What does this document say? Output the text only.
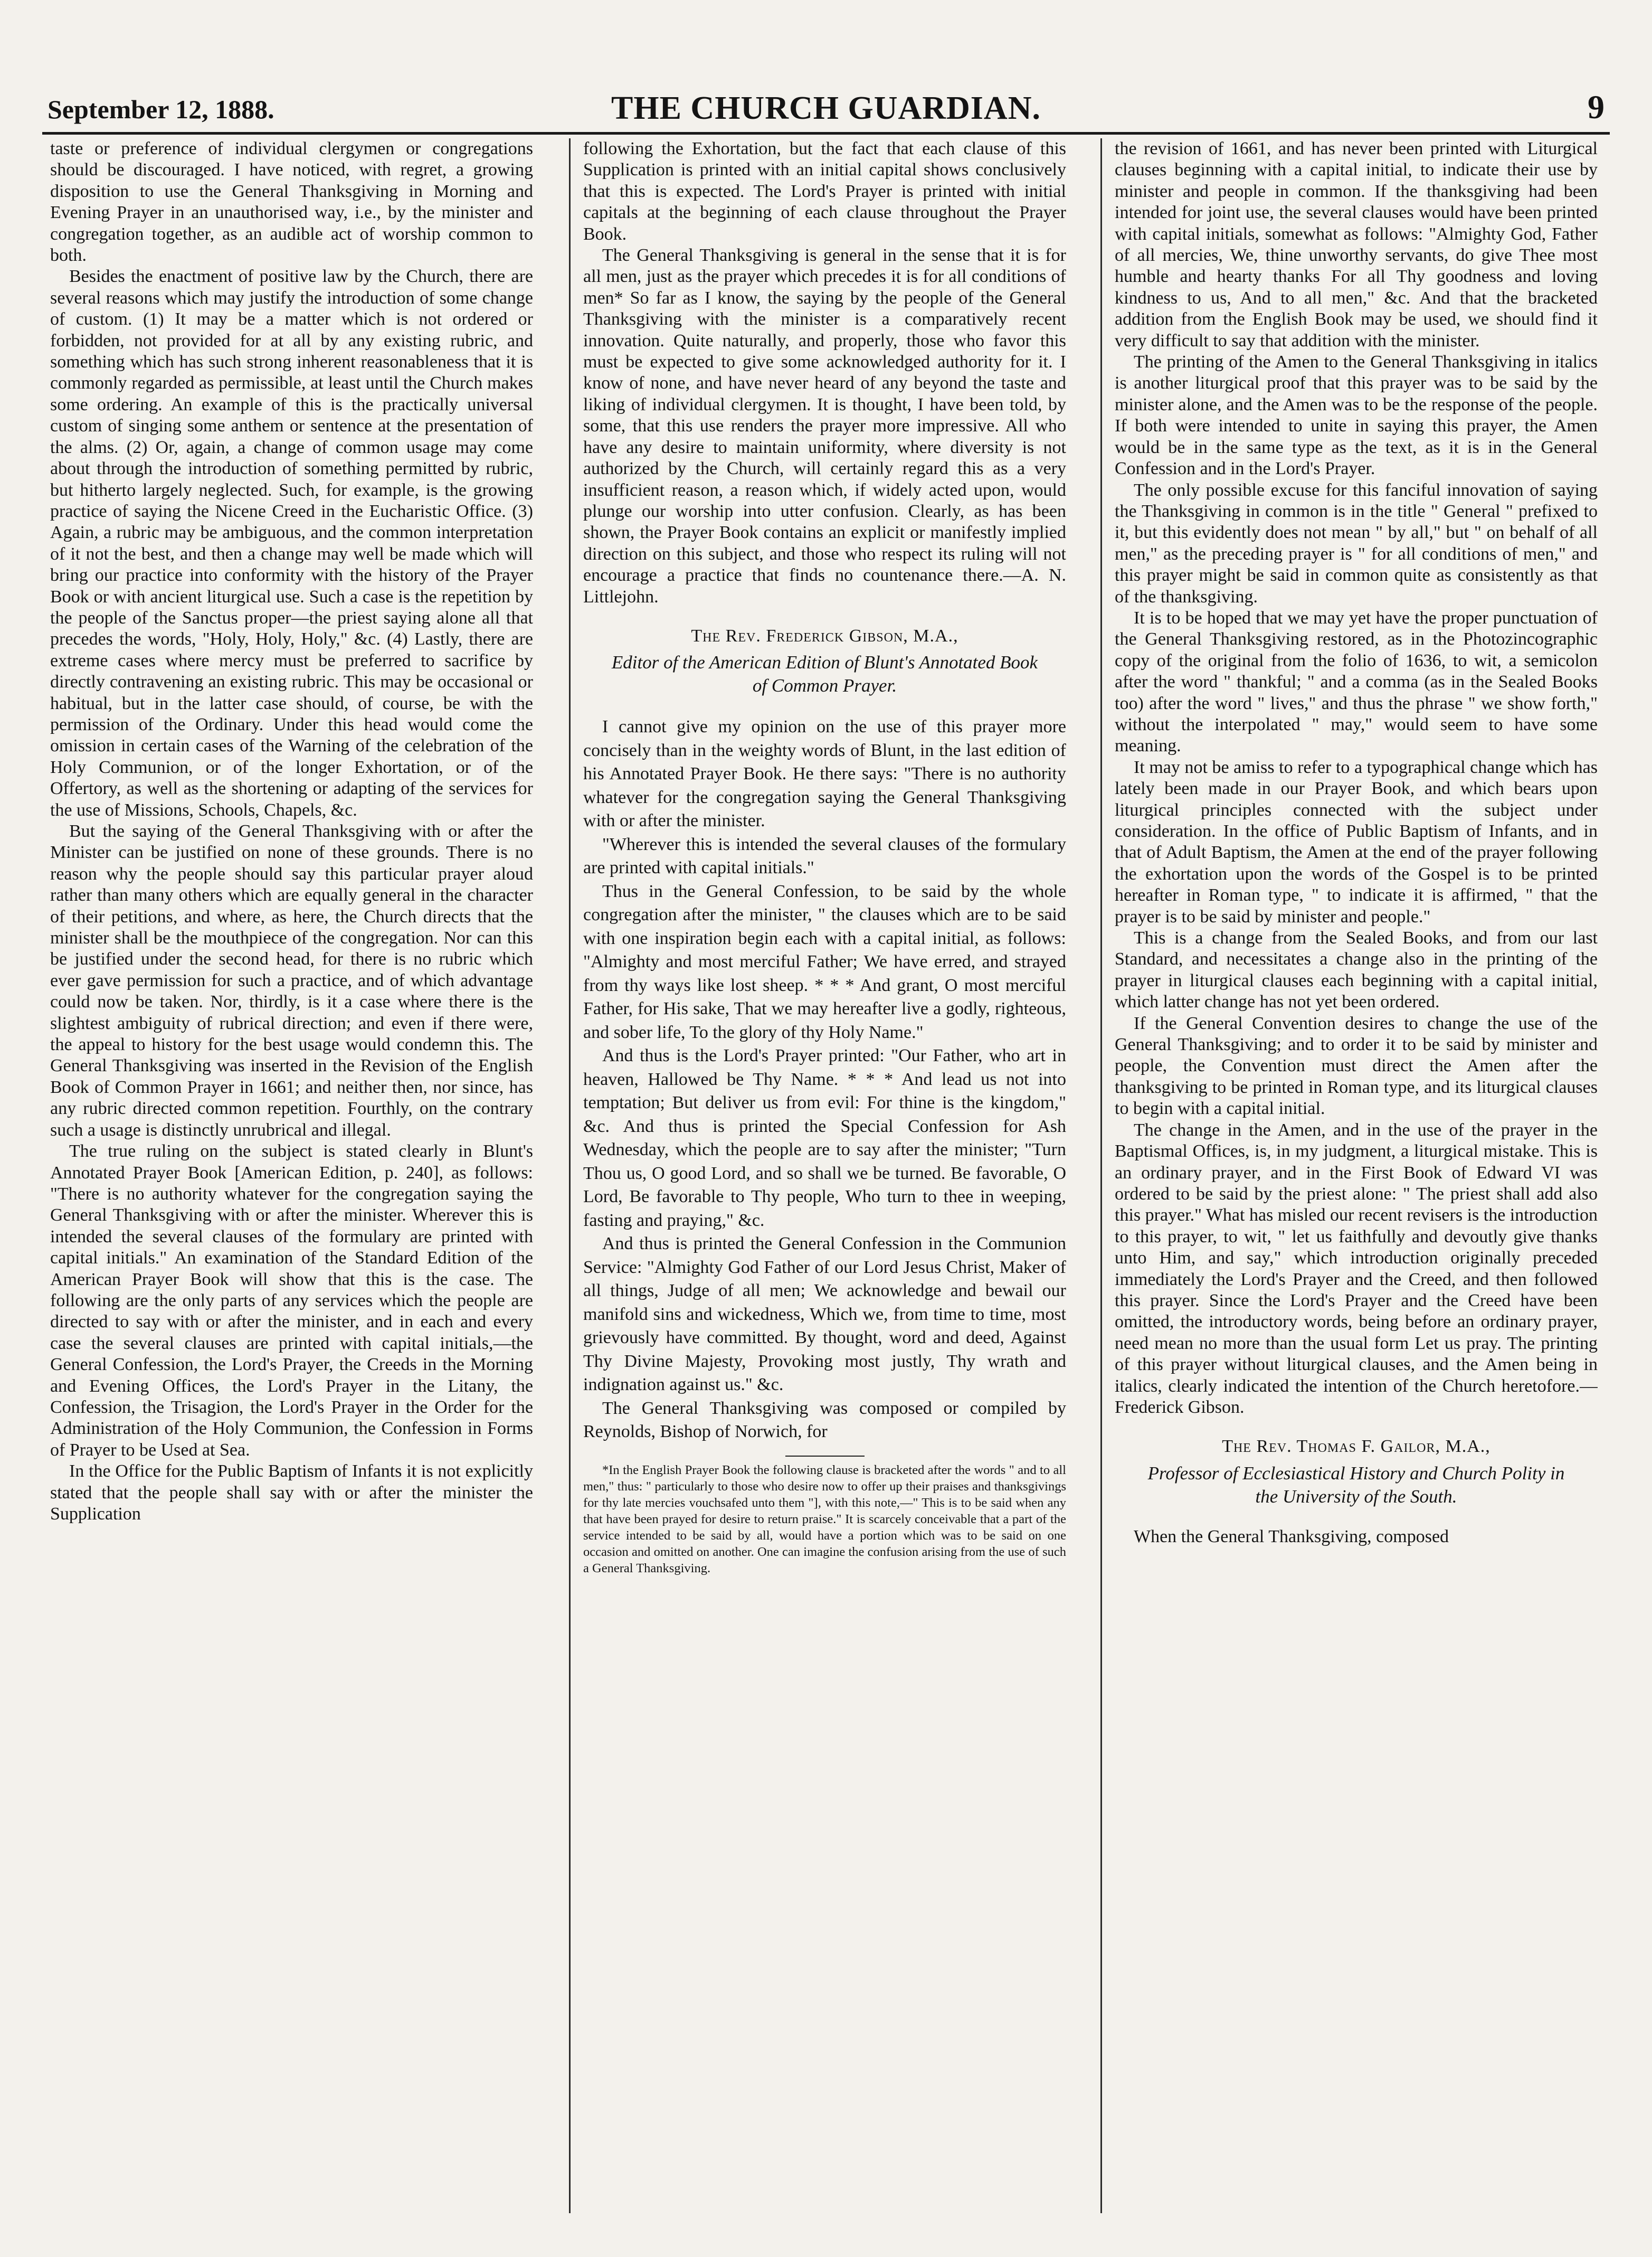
September 12, 1888.	THE CHURCH GUARDIAN.	9

taste or preference of individual clergymen or congregations should be discouraged. I have noticed, with regret, a growing disposition to use the General Thanksgiving in Morning and Evening Prayer in an unauthorised way, i.e., by the minister and congregation together, as an audible act of worship common to both.

Besides the enactment of positive law by the Church, there are several reasons which may justify the introduction of some change of custom. (1) It may be a matter which is not ordered or forbidden, not provided for at all by any existing rubric, and something which has such strong inherent reasonableness that it is commonly regarded as permissible, at least until the Church makes some ordering. An example of this is the practically universal custom of singing some anthem or sentence at the presentation of the alms. (2) Or, again, a change of common usage may come about through the introduction of something permitted by rubric, but hitherto largely neglected. Such, for example, is the growing practice of saying the Nicene Creed in the Eucharistic Office. (3) Again, a rubric may be ambiguous, and the common interpretation of it not the best, and then a change may well be made which will bring our practice into conformity with the history of the Prayer Book or with ancient liturgical use. Such a case is the repetition by the people of the Sanctus proper—the priest saying alone all that precedes the words, "Holy, Holy, Holy," &c. (4) Lastly, there are extreme cases where mercy must be preferred to sacrifice by directly contravening an existing rubric. This may be occasional or habitual, but in the latter case should, of course, be with the permission of the Ordinary. Under this head would come the omission in certain cases of the Warning of the celebration of the Holy Communion, or of the longer Exhortation, or of the Offertory, as well as the shortening or adapting of the services for the use of Missions, Schools, Chapels, &c.

But the saying of the General Thanksgiving with or after the Minister can be justified on none of these grounds. There is no reason why the people should say this particular prayer aloud rather than many others which are equally general in the character of their petitions, and where, as here, the Church directs that the minister shall be the mouthpiece of the congregation. Nor can this be justified under the second head, for there is no rubric which ever gave permission for such a practice, and of which advantage could now be taken. Nor, thirdly, is it a case where there is the slightest ambiguity of rubrical direction; and even if there were, the appeal to history for the best usage would condemn this. The General Thanksgiving was inserted in the Revision of the English Book of Common Prayer in 1661; and neither then, nor since, has any rubric directed common repetition. Fourthly, on the contrary such a usage is distinctly unrubrical and illegal.

The true ruling on the subject is stated clearly in Blunt's Annotated Prayer Book [American Edition, p. 240], as follows: "There is no authority whatever for the congregation saying the General Thanksgiving with or after the minister. Wherever this is intended the several clauses of the formulary are printed with capital initials." An examination of the Standard Edition of the American Prayer Book will show that this is the case. The following are the only parts of any services which the people are directed to say with or after the minister, and in each and every case the several clauses are printed with capital initials,—the General Confession, the Lord's Prayer, the Creeds in the Morning and Evening Offices, the Lord's Prayer in the Litany, the Confession, the Trisagion, the Lord's Prayer in the Order for the Administration of the Holy Communion, the Confession in Forms of Prayer to be Used at Sea.

In the Office for the Public Baptism of Infants it is not explicitly stated that the people shall say with or after the minister the Supplication

following the Exhortation, but the fact that each clause of this Supplication is printed with an initial capital shows conclusively that this is expected. The Lord's Prayer is printed with initial capitals at the beginning of each clause throughout the Prayer Book.

The General Thanksgiving is general in the sense that it is for all men, just as the prayer which precedes it is for all conditions of men* So far as I know, the saying by the people of the General Thanksgiving with the minister is a comparatively recent innovation. Quite naturally, and properly, those who favor this must be expected to give some acknowledged authority for it. I know of none, and have never heard of any beyond the taste and liking of individual clergymen. It is thought, I have been told, by some, that this use renders the prayer more impressive. All who have any desire to maintain uniformity, where diversity is not authorized by the Church, will certainly regard this as a very insufficient reason, a reason which, if widely acted upon, would plunge our worship into utter confusion. Clearly, as has been shown, the Prayer Book contains an explicit or manifestly implied direction on this subject, and those who respect its ruling will not encourage a practice that finds no countenance there.—A. N. Littlejohn.

The Rev. Frederick Gibson, M.A.,
Editor of the American Edition of Blunt's Annotated Book of Common Prayer.

I cannot give my opinion on the use of this prayer more concisely than in the weighty words of Blunt, in the last edition of his Annotated Prayer Book. He there says: "There is no authority whatever for the congregation saying the General Thanksgiving with or after the minister.

"Wherever this is intended the several clauses of the formulary are printed with capital initials."

Thus in the General Confession, to be said by the whole congregation after the minister, " the clauses which are to be said with one inspiration begin each with a capital initial, as follows: "Almighty and most merciful Father; We have erred, and strayed from thy ways like lost sheep. * * * And grant, O most merciful Father, for His sake, That we may hereafter live a godly, righteous, and sober life, To the glory of thy Holy Name."

And thus is the Lord's Prayer printed: "Our Father, who art in heaven, Hallowed be Thy Name. * * * And lead us not into temptation; But deliver us from evil: For thine is the kingdom," &c. And thus is printed the Special Confession for Ash Wednesday, which the people are to say after the minister; "Turn Thou us, O good Lord, and so shall we be turned. Be favorable, O Lord, Be favorable to Thy people, Who turn to thee in weeping, fasting and praying," &c.

And thus is printed the General Confession in the Communion Service: "Almighty God Father of our Lord Jesus Christ, Maker of all things, Judge of all men; We acknowledge and bewail our manifold sins and wickedness, Which we, from time to time, most grievously have committed. By thought, word and deed, Against Thy Divine Majesty, Provoking most justly, Thy wrath and indignation against us." &c.

The General Thanksgiving was composed or compiled by Reynolds, Bishop of Norwich, for

*In the English Prayer Book the following clause is bracketed after the words " and to all men," thus: " particularly to those who desire now to offer up their praises and thanksgivings for thy late mercies vouchsafed unto them "], with this note,—" This is to be said when any that have been prayed for desire to return praise." It is scarcely conceivable that a part of the service intended to be said by all, would have a portion which was to be said on one occasion and omitted on another. One can imagine the confusion arising from the use of such a General Thanksgiving.

the revision of 1661, and has never been printed with Liturgical clauses beginning with a capital initial, to indicate their use by minister and people in common. If the thanksgiving had been intended for joint use, the several clauses would have been printed with capital initials, somewhat as follows: "Almighty God, Father of all mercies, We, thine unworthy servants, do give Thee most humble and hearty thanks For all Thy goodness and loving kindness to us, And to all men," &c. And that the bracketed addition from the English Book may be used, we should find it very difficult to say that addition with the minister.

The printing of the Amen to the General Thanksgiving in italics is another liturgical proof that this prayer was to be said by the minister alone, and the Amen was to be the response of the people. If both were intended to unite in saying this prayer, the Amen would be in the same type as the text, as it is in the General Confession and in the Lord's Prayer.

The only possible excuse for this fanciful innovation of saying the Thanksgiving in common is in the title " General " prefixed to it, but this evidently does not mean " by all," but " on behalf of all men," as the preceding prayer is " for all conditions of men," and this prayer might be said in common quite as consistently as that of the thanksgiving.

It is to be hoped that we may yet have the proper punctuation of the General Thanksgiving restored, as in the Photozincographic copy of the original from the folio of 1636, to wit, a semicolon after the word " thankful; " and a comma (as in the Sealed Books too) after the word " lives," and thus the phrase " we show forth," without the interpolated " may," would seem to have some meaning.

It may not be amiss to refer to a typographical change which has lately been made in our Prayer Book, and which bears upon liturgical principles connected with the subject under consideration. In the office of Public Baptism of Infants, and in that of Adult Baptism, the Amen at the end of the prayer following the exhortation upon the words of the Gospel is to be printed hereafter in Roman type, " to indicate it is affirmed, " that the prayer is to be said by minister and people."

This is a change from the Sealed Books, and from our last Standard, and necessitates a change also in the printing of the prayer in liturgical clauses each beginning with a capital initial, which latter change has not yet been ordered.

If the General Convention desires to change the use of the General Thanksgiving; and to order it to be said by minister and people, the Convention must direct the Amen after the thanksgiving to be printed in Roman type, and its liturgical clauses to begin with a capital initial.

The change in the Amen, and in the use of the prayer in the Baptismal Offices, is, in my judgment, a liturgical mistake. This is an ordinary prayer, and in the First Book of Edward VI was ordered to be said by the priest alone: " The priest shall add also this prayer." What has misled our recent revisers is the introduction to this prayer, to wit, " let us faithfully and devoutly give thanks unto Him, and say," which introduction originally preceded immediately the Lord's Prayer and the Creed, and then followed this prayer. Since the Lord's Prayer and the Creed have been omitted, the introductory words, being before an ordinary prayer, need mean no more than the usual form Let us pray. The printing of this prayer without liturgical clauses, and the Amen being in italics, clearly indicated the intention of the Church heretofore.—Frederick Gibson.

The Rev. Thomas F. Gailor, M.A.,
Professor of Ecclesiastical History and Church Polity in the University of the South.

When the General Thanksgiving, composed
